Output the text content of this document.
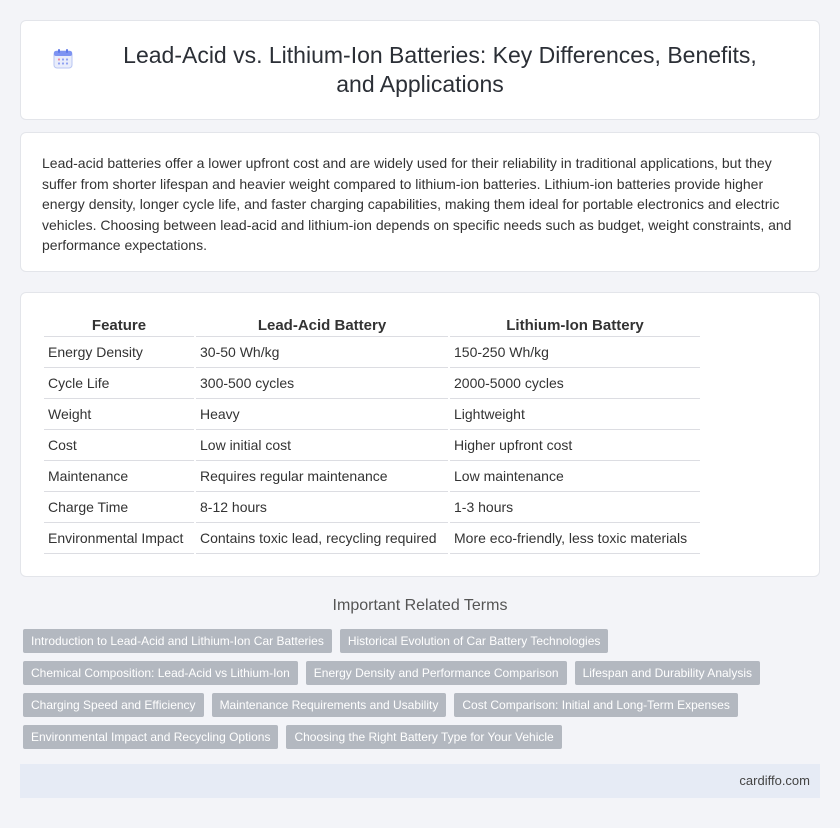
Lead-Acid vs. Lithium-Ion Batteries: Key Differences, Benefits, and Applications

Lead-acid batteries offer a lower upfront cost and are widely used for their reliability in traditional applications, but they suffer from shorter lifespan and heavier weight compared to lithium-ion batteries. Lithium-ion batteries provide higher energy density, longer cycle life, and faster charging capabilities, making them ideal for portable electronics and electric vehicles. Choosing between lead-acid and lithium-ion depends on specific needs such as budget, weight constraints, and performance expectations.

Feature	Lead-Acid Battery	Lithium-Ion Battery
Energy Density	30-50 Wh/kg	150-250 Wh/kg
Cycle Life	300-500 cycles	2000-5000 cycles
Weight	Heavy	Lightweight
Cost	Low initial cost	Higher upfront cost
Maintenance	Requires regular maintenance	Low maintenance
Charge Time	8-12 hours	1-3 hours
Environmental Impact	Contains toxic lead, recycling required	More eco-friendly, less toxic materials
Important Related Terms
Introduction to Lead-Acid and Lithium-Ion Car Batteries	Historical Evolution of Car Battery Technologies
Chemical Composition: Lead-Acid vs Lithium-Ion	Energy Density and Performance Comparison	Lifespan and Durability Analysis
Charging Speed and Efficiency	Maintenance Requirements and Usability	Cost Comparison: Initial and Long-Term Expenses
Environmental Impact and Recycling Options	Choosing the Right Battery Type for Your Vehicle
cardiffo.com
